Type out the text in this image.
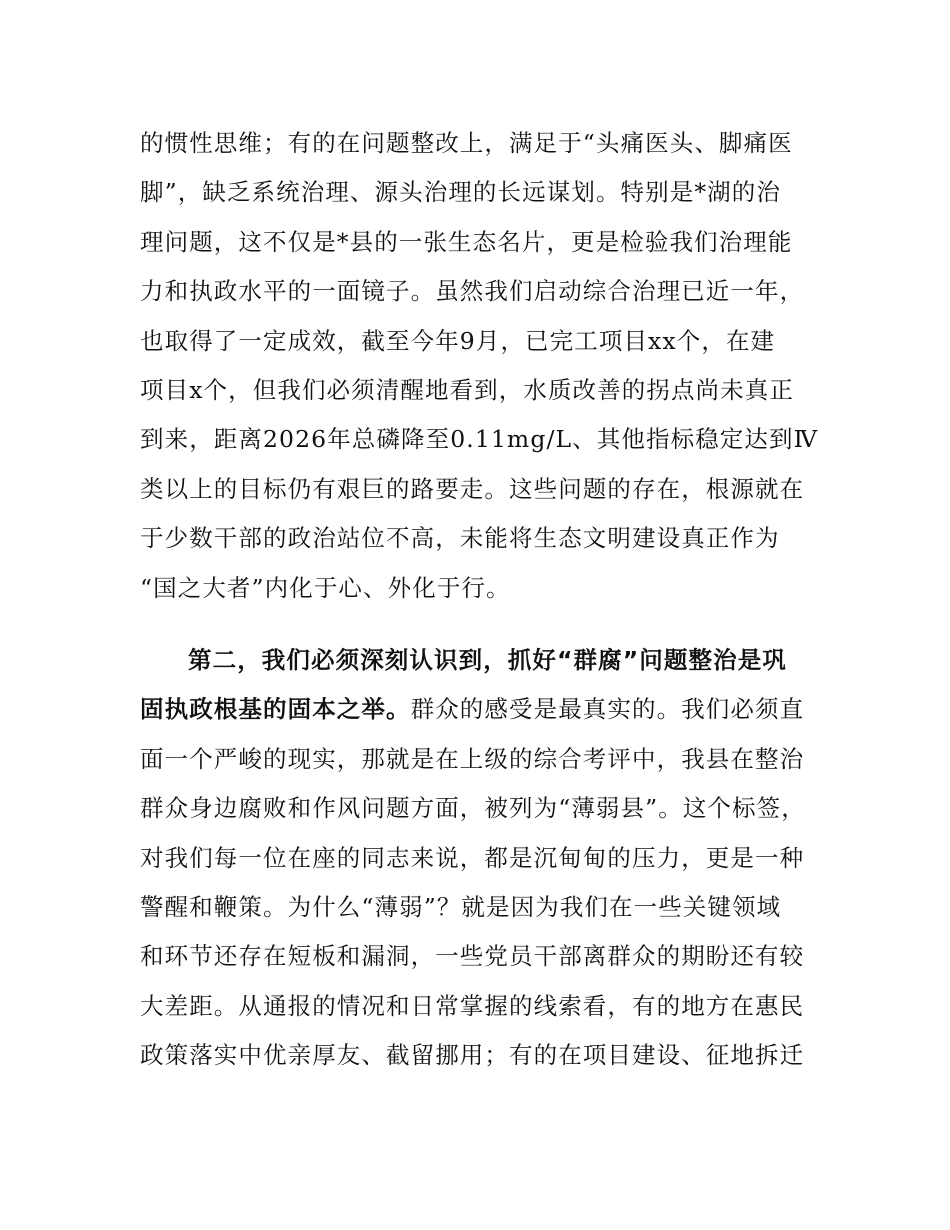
的惯性思维；有的在问题整改上，满足于“头痛医头、脚痛医
脚”，缺乏系统治理、源头治理的长远谋划。特别是*湖的治
理问题，这不仅是*县的一张生态名片，更是检验我们治理能
力和执政水平的一面镜子。虽然我们启动综合治理已近一年，
也取得了一定成效，截至今年9月，已完工项目xx个，在建
项目x个，但我们必须清醒地看到，水质改善的拐点尚未真正
到来，距离2026年总磷降至0.11mg/L、其他指标稳定达到Ⅳ
类以上的目标仍有艰巨的路要走。这些问题的存在，根源就在
于少数干部的政治站位不高，未能将生态文明建设真正作为
“国之大者”内化于心、外化于行。
第二，我们必须深刻认识到，抓好“群腐”问题整治是巩
固执政根基的固本之举。群众的感受是最真实的。我们必须直
面一个严峻的现实，那就是在上级的综合考评中，我县在整治
群众身边腐败和作风问题方面，被列为“薄弱县”。这个标签，
对我们每一位在座的同志来说，都是沉甸甸的压力，更是一种
警醒和鞭策。为什么“薄弱”？就是因为我们在一些关键领域
和环节还存在短板和漏洞，一些党员干部离群众的期盼还有较
大差距。从通报的情况和日常掌握的线索看，有的地方在惠民
政策落实中优亲厚友、截留挪用；有的在项目建设、征地拆迁
